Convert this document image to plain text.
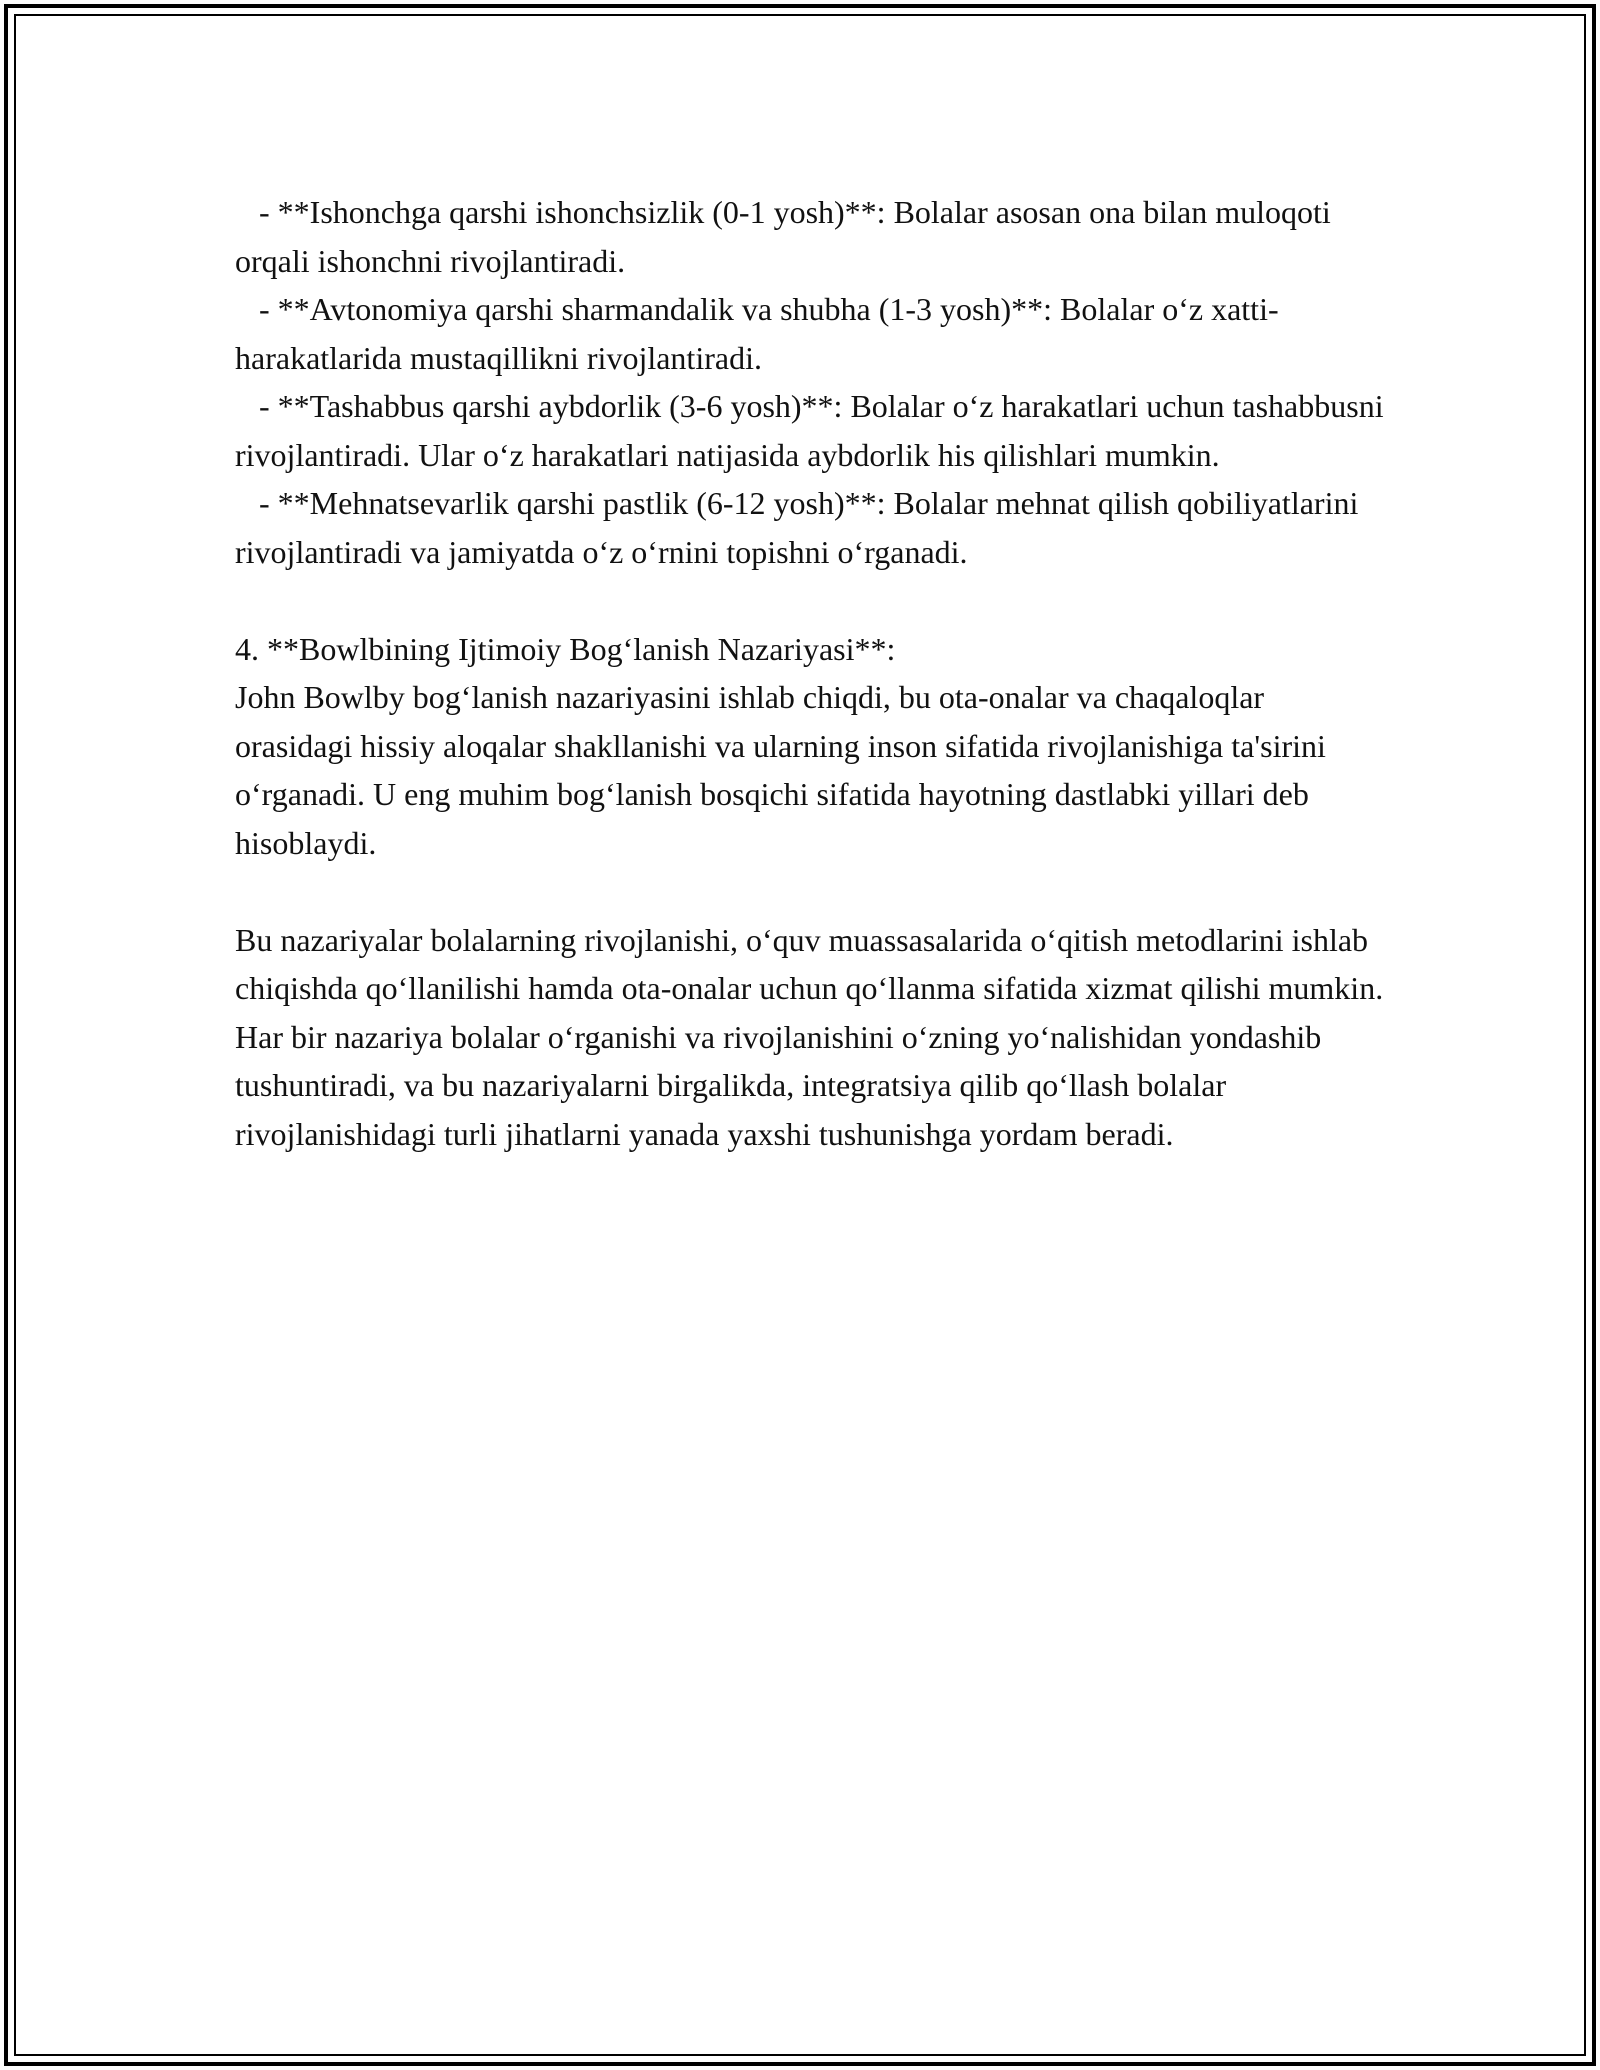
- **Ishonchga qarshi ishonchsizlik (0-1 yosh)**: Bolalar asosan ona bilan muloqoti orqali ishonchni rivojlantiradi.

- **Avtonomiya qarshi sharmandalik va shubha (1-3 yosh)**: Bolalar o‘z xatti-harakatlarida mustaqillikni rivojlantiradi.

- **Tashabbus qarshi aybdorlik (3-6 yosh)**: Bolalar o‘z harakatlari uchun tashabbusni rivojlantiradi. Ular o‘z harakatlari natijasida aybdorlik his qilishlari mumkin.

- **Mehnatsevarlik qarshi pastlik (6-12 yosh)**: Bolalar mehnat qilish qobiliyatlarini rivojlantiradi va jamiyatda o‘z o‘rnini topishni o‘rganadi.

4. **Bowlbining Ijtimoiy Bog‘lanish Nazariyasi**:

John Bowlby bog‘lanish nazariyasini ishlab chiqdi, bu ota-onalar va chaqaloqlar orasidagi hissiy aloqalar shakllanishi va ularning inson sifatida rivojlanishiga ta'sirini o‘rganadi. U eng muhim bog‘lanish bosqichi sifatida hayotning dastlabki yillari deb hisoblaydi.

Bu nazariyalar bolalarning rivojlanishi, o‘quv muassasalarida o‘qitish metodlarini ishlab chiqishda qo‘llanilishi hamda ota-onalar uchun qo‘llanma sifatida xizmat qilishi mumkin. Har bir nazariya bolalar o‘rganishi va rivojlanishini o‘zning yo‘nalishidan yondashib tushuntiradi, va bu nazariyalarni birgalikda, integratsiya qilib qo‘llash bolalar rivojlanishidagi turli jihatlarni yanada yaxshi tushunishga yordam beradi.
